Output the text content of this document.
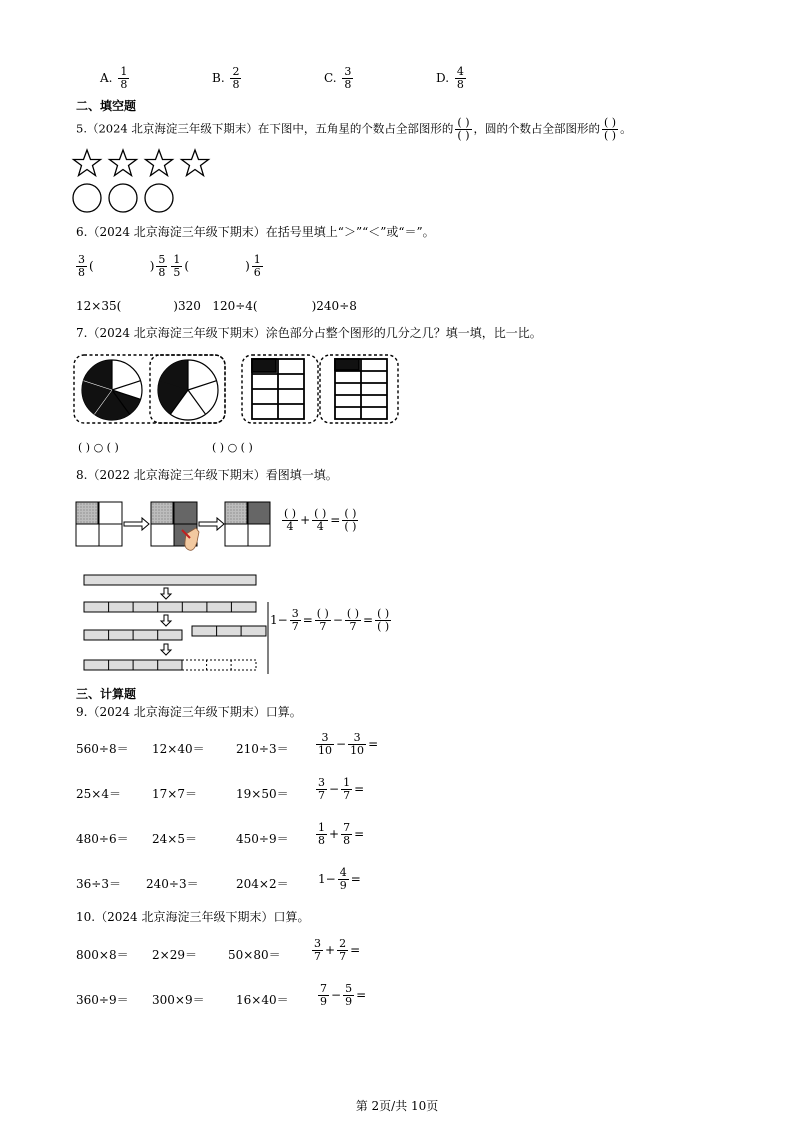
A. $\frac{1}{8}$	B. $\frac{2}{8}$	C. $\frac{3}{8}$	D. $\frac{4}{8}$
二、填空题
5.（2024 北京海淀三年级下期末）在下图中，五角星的个数占全部图形的 $\frac{( )}{( )}$ ，圆的个数占全部图形的 $\frac{( )}{( )}$ 。
6.（2024 北京海淀三年级下期末）在括号里填上“＞”“＜”或“＝”。
$\frac{3}{8}$ (	) $\frac{5}{8} \frac{1}{5}$ (	) $\frac{1}{6}$
12×35(	)320 120÷4(	)240÷8
7.（2024 北京海淀三年级下期末）涂色部分占整个图形的几分之几？填一填，比一比。
( ) ○ ( )	( ) ○ ( )
8.（2022 北京海淀三年级下期末）看图填一填。
$\frac{( )}{4} + \frac{( )}{4} = \frac{( )}{( )}$
$1- \frac{3}{7} = \frac{( )}{7} - \frac{( )}{7} = \frac{( )}{( )}$
三、计算题
9.（2024 北京海淀三年级下期末）口算。
560÷8＝ 12×40＝	$210\div 3= \frac{3}{10} - \frac{3}{10}$ =
25×4＝	17×7＝	$19\times 50= \frac{3}{7} - \frac{1}{7}$ =
480÷6＝ 24×5＝	$450\div 9= \frac{1}{8} + \frac{7}{8}$ =
36÷3＝ 240÷3＝	$204\times 2= 1- \frac{4}{9}$ =
10.（2024 北京海淀三年级下期末）口算。
800×8＝ 2×29＝	50×80＝	$\frac{3}{7} + \frac{2}{7}$ =
360÷9＝ 300×9＝	16×40＝	$\frac{7}{9} - \frac{5}{9}$ =
第 2页/共 10页
